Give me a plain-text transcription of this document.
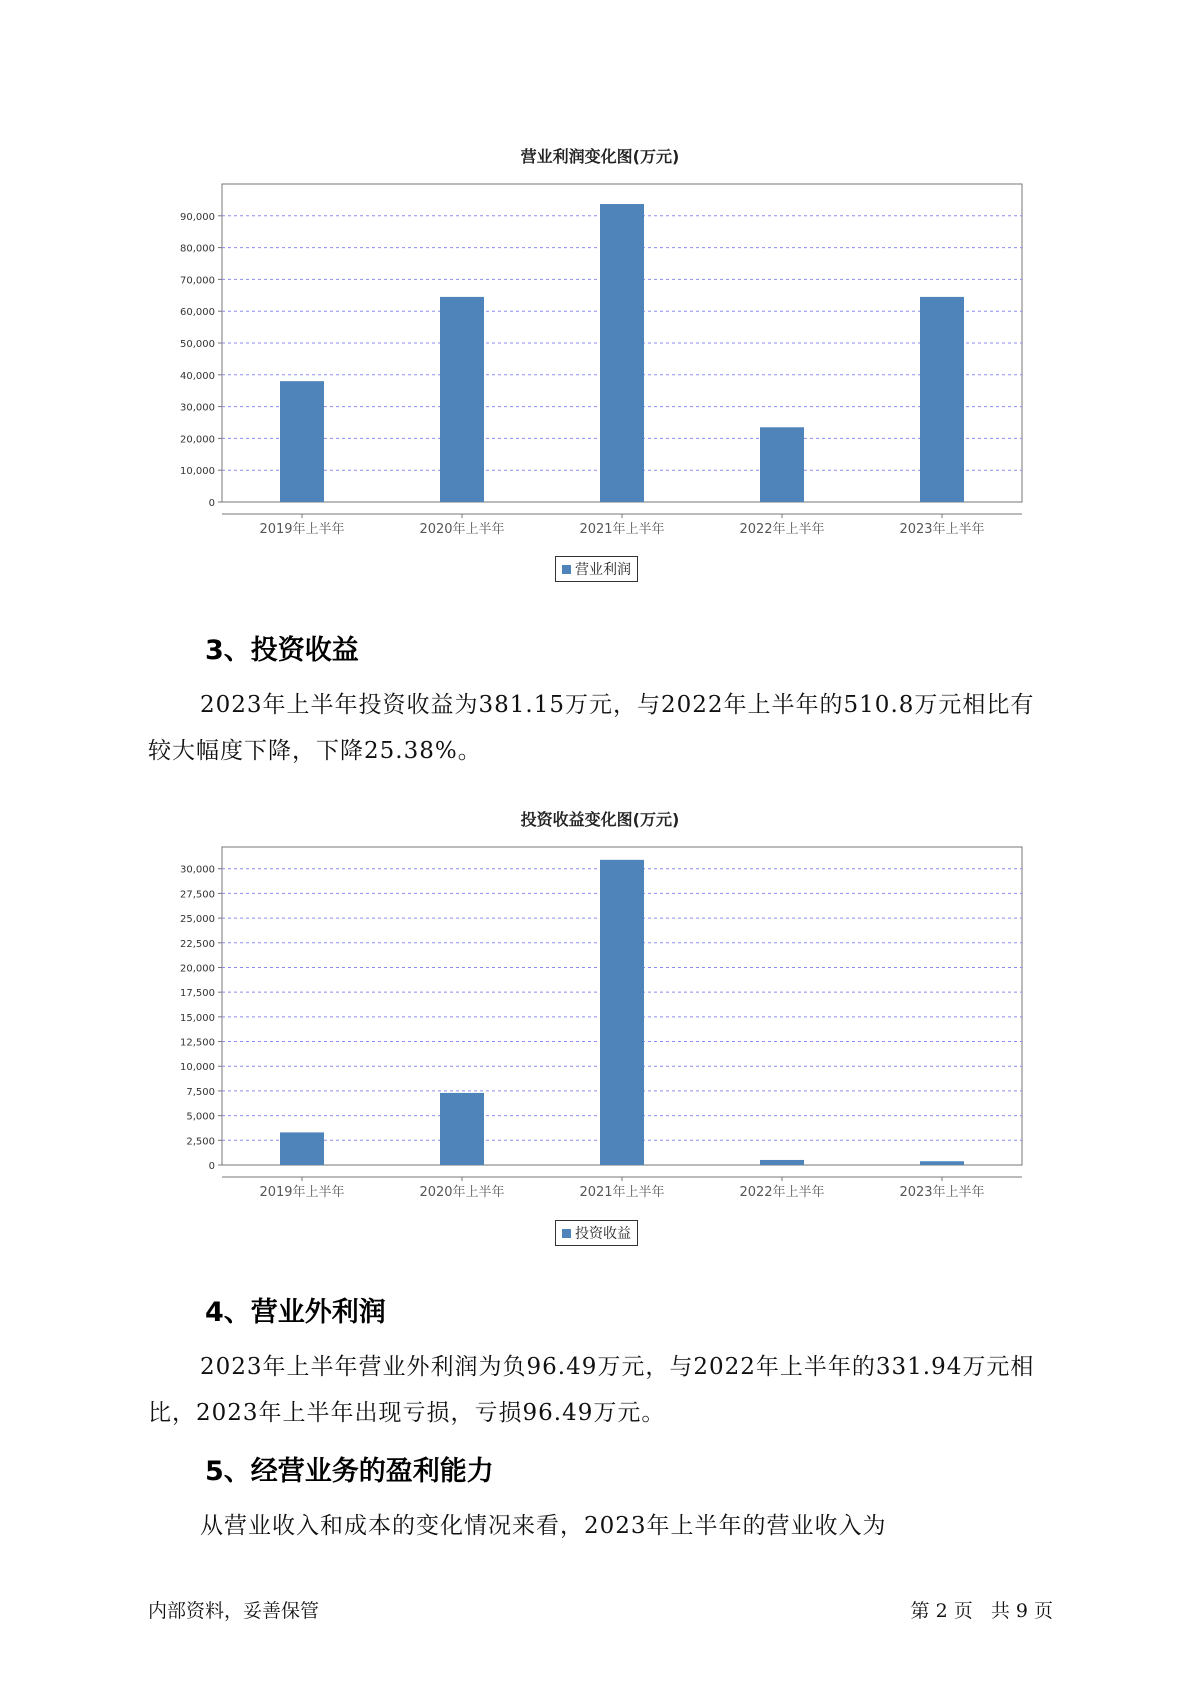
营业利润变化图(万元)
0
10,000
20,000
30,000
40,000
50,000
60,000
70,000
80,000
90,000
2019年上半年	2020年上半年	2021年上半年	2022年上半年	2023年上半年
营业利润
3、投资收益

2023年上半年投资收益为381.15万元，与2022年上半年的510.8万元相比有较大幅度下降，下降25.38%。

投资收益变化图(万元)
0
2,500
5,000
7,500
10,000
12,500
15,000
17,500
20,000
22,500
25,000
27,500
30,000
2019年上半年	2020年上半年	2021年上半年	2022年上半年	2023年上半年
投资收益
4、营业外利润

2023年上半年营业外利润为负96.49万元，与2022年上半年的331.94万元相比，2023年上半年出现亏损，亏损96.49万元。

5、经营业务的盈利能力

从营业收入和成本的变化情况来看，2023年上半年的营业收入为

内部资料，妥善保管	第 2 页   共 9 页
